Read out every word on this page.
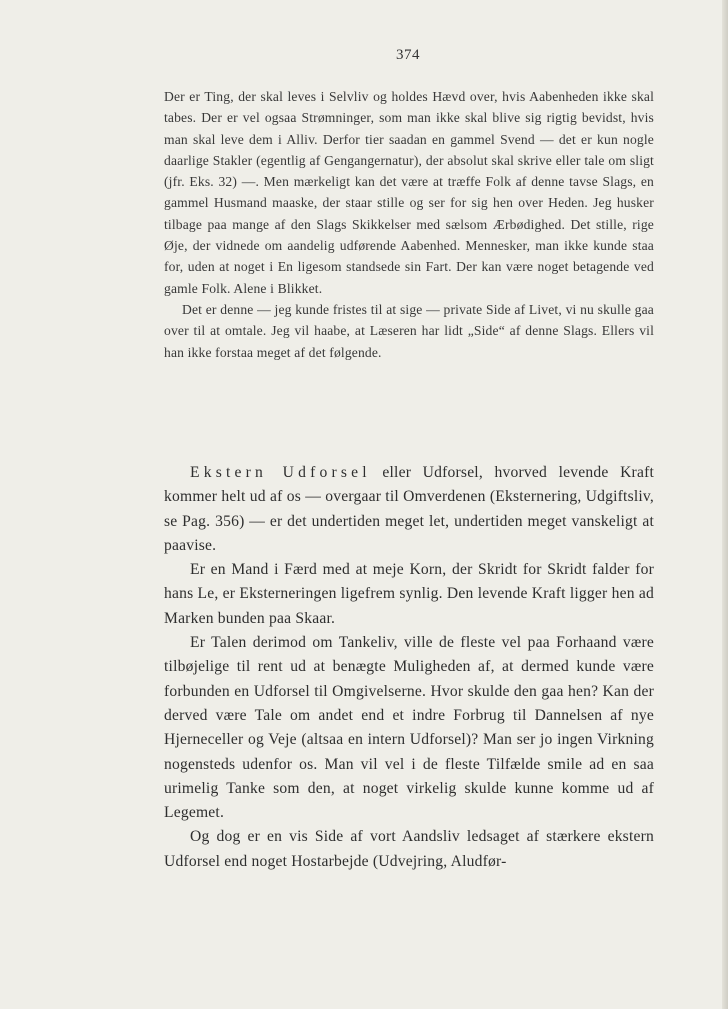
374

Der er Ting, der skal leves i Selvliv og holdes Hævd over, hvis Aabenheden ikke skal tabes. Der er vel ogsaa Strømninger, som man ikke skal blive sig rigtig bevidst, hvis man skal leve dem i Alliv. Derfor tier saadan en gammel Svend — det er kun nogle daarlige Stakler (egentlig af Gengangernatur), der absolut skal skrive eller tale om sligt (jfr. Eks. 32) —. Men mærkeligt kan det være at træffe Folk af denne tavse Slags, en gammel Husmand maaske, der staar stille og ser for sig hen over Heden. Jeg husker tilbage paa mange af den Slags Skikkelser med sælsom Ærbødighed. Det stille, rige Øje, der vidnede om aandelig udførende Aabenhed. Mennesker, man ikke kunde staa for, uden at noget i En ligesom standsede sin Fart. Der kan være noget betagende ved gamle Folk. Alene i Blikket.

Det er denne — jeg kunde fristes til at sige — private Side af Livet, vi nu skulle gaa over til at omtale. Jeg vil haabe, at Læseren har lidt „Side“ af denne Slags. Ellers vil han ikke forstaa meget af det følgende.

Ekstern Udforsel eller Udforsel, hvorved levende Kraft kommer helt ud af os — overgaar til Omverdenen (Eksternering, Udgiftsliv, se Pag. 356) — er det undertiden meget let, undertiden meget vanskeligt at paavise.

Er en Mand i Færd med at meje Korn, der Skridt for Skridt falder for hans Le, er Eksterneringen ligefrem synlig. Den levende Kraft ligger hen ad Marken bunden paa Skaar.

Er Talen derimod om Tankeliv, ville de fleste vel paa Forhaand være tilbøjelige til rent ud at benægte Muligheden af, at dermed kunde være forbunden en Udforsel til Omgivelserne. Hvor skulde den gaa hen? Kan der derved være Tale om andet end et indre Forbrug til Dannelsen af nye Hjerneceller og Veje (altsaa en intern Udforsel)? Man ser jo ingen Virkning nogensteds udenfor os. Man vil vel i de fleste Tilfælde smile ad en saa urimelig Tanke som den, at noget virkelig skulde kunne komme ud af Legemet.

Og dog er en vis Side af vort Aandsliv ledsaget af stærkere ekstern Udforsel end noget Hostarbejde (Udvejring, Aludfør-
